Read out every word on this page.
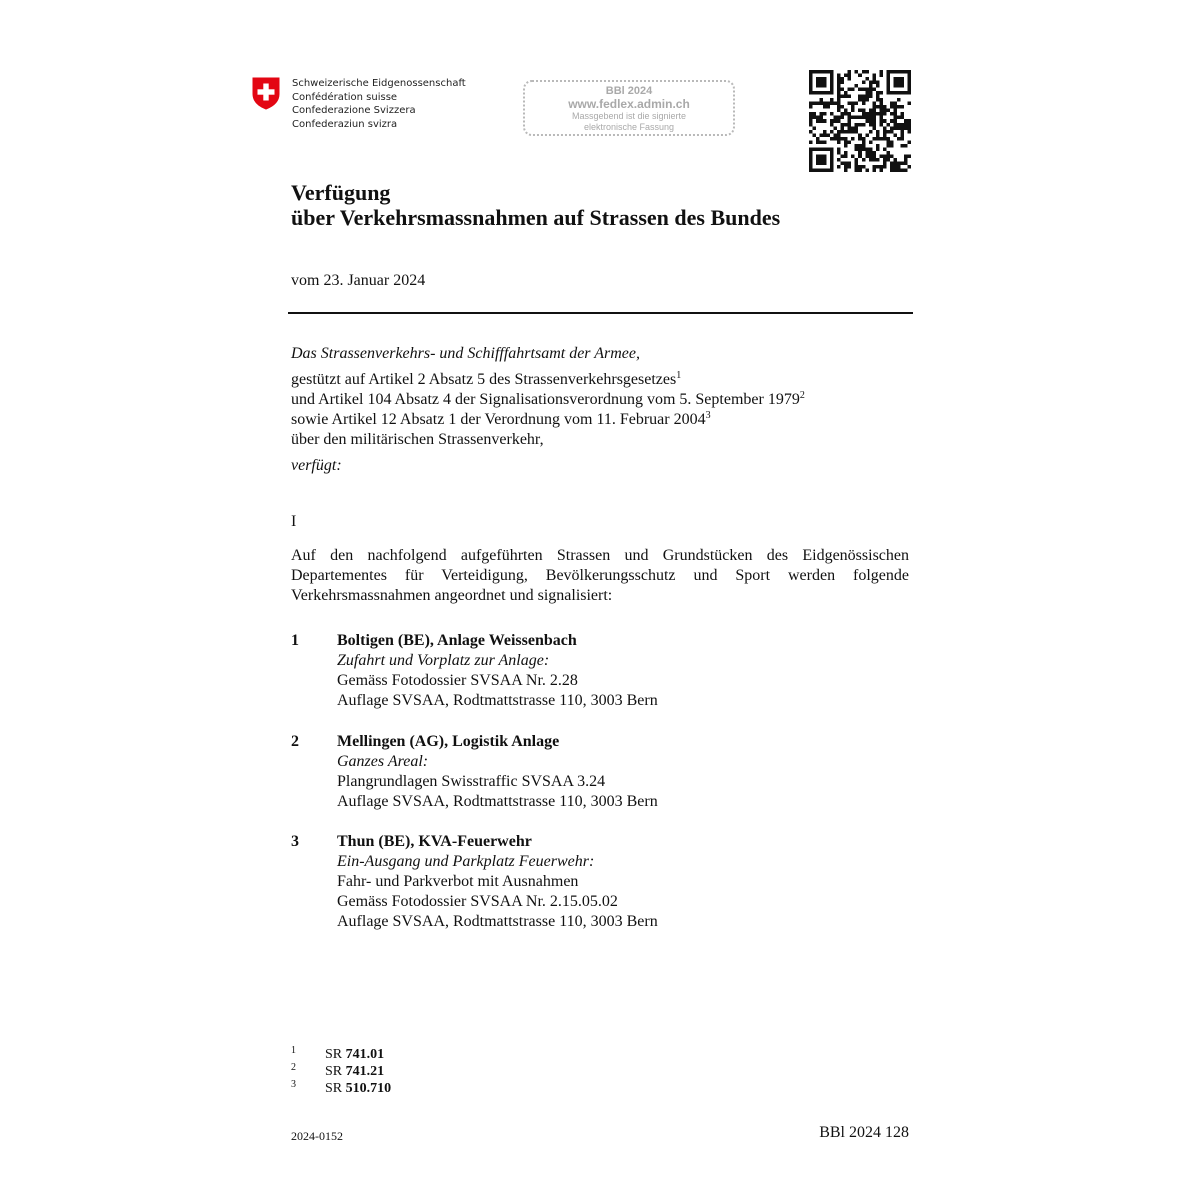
Schweizerische Eidgenossenschaft
Confédération suisse
Confederazione Svizzera
Confederaziun svizra
BBl 2024
www.fedlex.admin.ch
Massgebend ist die signierte
elektronische Fassung
Verfügung
über Verkehrsmassnahmen auf Strassen des Bundes
vom 23. Januar 2024
Das Strassenverkehrs- und Schifffahrtsamt der Armee,
gestützt auf Artikel 2 Absatz 5 des Strassenverkehrsgesetzes$^1$
und Artikel 104 Absatz 4 der Signalisationsverordnung vom 5. September 1979$^2$
sowie Artikel 12 Absatz 1 der Verordnung vom 11. Februar 2004$^3$
über den militärischen Strassenverkehr,
verfügt:
I
Auf den nachfolgend aufgeführten Strassen und Grundstücken des Eidgenössischen Departementes für Verteidigung, Bevölkerungsschutz und Sport werden folgende Verkehrsmassnahmen angeordnet und signalisiert:
1 Boltigen (BE), Anlage Weissenbach
Zufahrt und Vorplatz zur Anlage:
Gemäss Fotodossier SVSAA Nr. 2.28
Auflage SVSAA, Rodtmattstrasse 110, 3003 Bern
2 Mellingen (AG), Logistik Anlage
Ganzes Areal:
Plangrundlagen Swisstraffic SVSAA 3.24
Auflage SVSAA, Rodtmattstrasse 110, 3003 Bern
3 Thun (BE), KVA-Feuerwehr
Ein-Ausgang und Parkplatz Feuerwehr:
Fahr- und Parkverbot mit Ausnahmen
Gemäss Fotodossier SVSAA Nr. 2.15.05.02
Auflage SVSAA, Rodtmattstrasse 110, 3003 Bern
1 SR 741.01
2 SR 741.21
3 SR 510.710
2024-0152	BBl 2024 128
